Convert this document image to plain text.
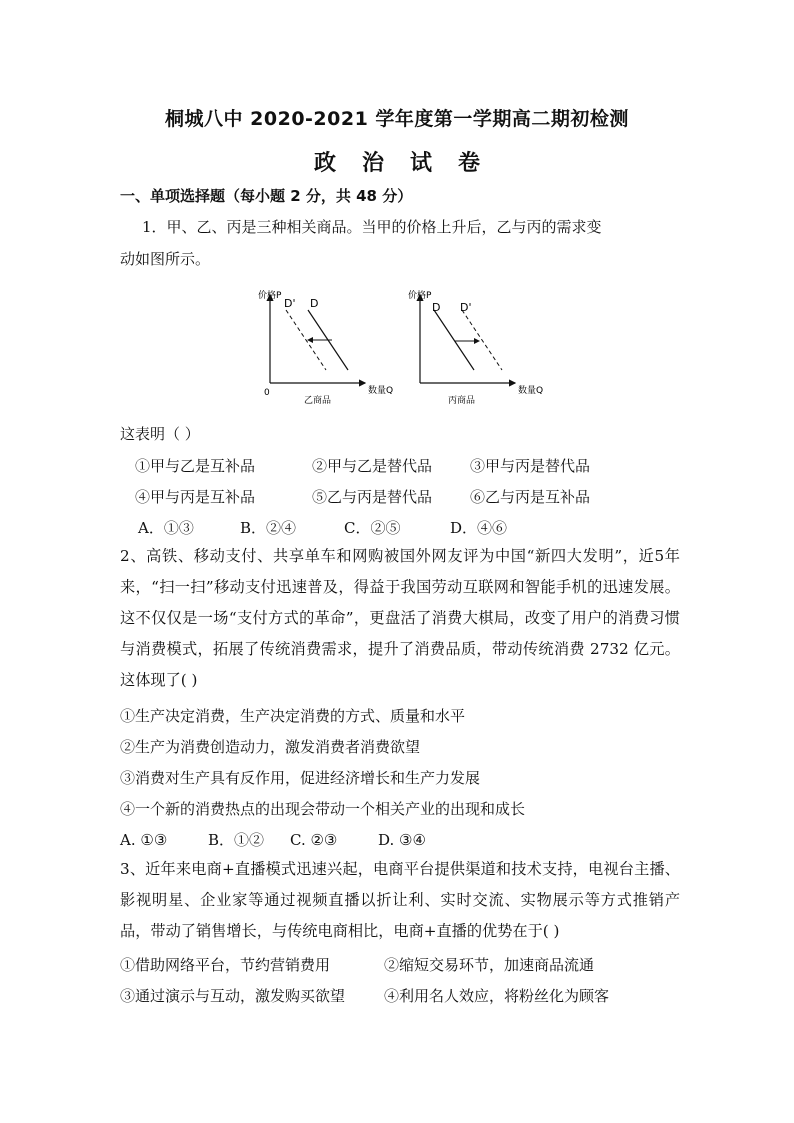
桐城八中 2020-2021 学年度第一学期高二期初检测
政治试卷
一、单项选择题（每小题 2 分，共 48 分）
1．甲、乙、丙是三种相关商品。当甲的价格上升后，乙与丙的需求变
动如图所示。
价格P
数量Q
0
乙商品
D' D
价格P
数量Q
丙商品
D D'
这表明（ ）
①甲与乙是互补品	②甲与乙是替代品	③甲与丙是替代品
④甲与丙是互补品	⑤乙与丙是替代品	⑥乙与丙是互补品
A．①③	B．②④	C．②⑤	D．④⑥
2、高铁、移动支付、共享单车和网购被国外网友评为中国“新四大发明”，近5年来，“扫一扫”移动支付迅速普及，得益于我国劳动互联网和智能手机的迅速发展。这不仅仅是一场“支付方式的革命”，更盘活了消费大棋局，改变了用户的消费习惯与消费模式，拓展了传统消费需求，提升了消费品质，带动传统消费 2732 亿元。这体现了( )
①生产决定消费，生产决定消费的方式、质量和水平
②生产为消费创造动力，激发消费者消费欲望
③消费对生产具有反作用，促进经济增长和生产力发展
④一个新的消费热点的出现会带动一个相关产业的出现和成长
A. ①③	B．①② C. ②③	D. ③④
3、近年来电商+直播模式迅速兴起，电商平台提供渠道和技术支持，电视台主播、影视明星、企业家等通过视频直播以折让利、实时交流、实物展示等方式推销产品，带动了销售增长，与传统电商相比，电商+直播的优势在于( )
①借助网络平台，节约营销费用	②缩短交易环节，加速商品流通
③通过演示与互动，激发购买欲望	④利用名人效应，将粉丝化为顾客
